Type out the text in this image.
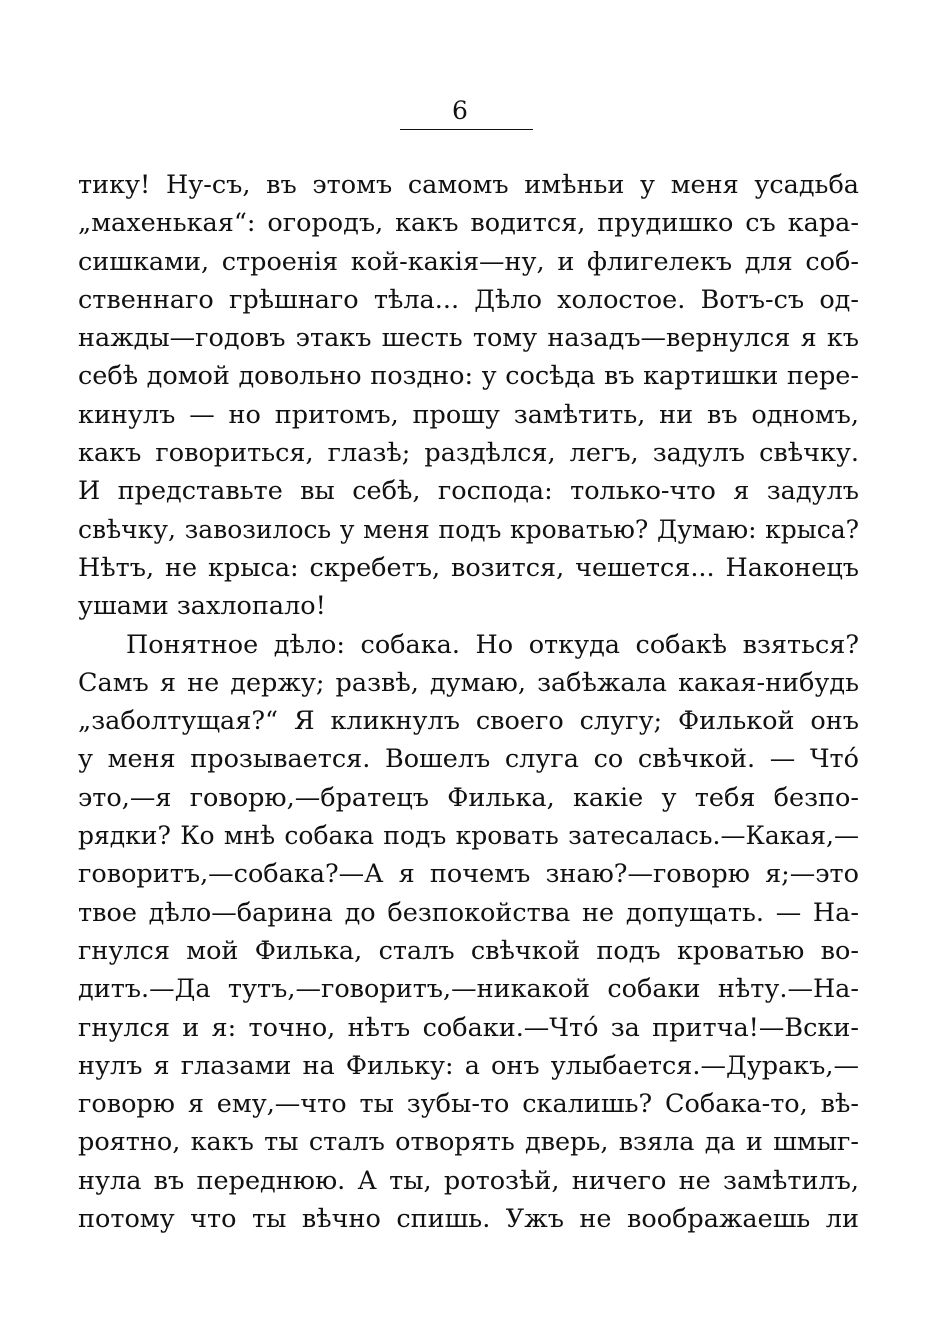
6
тику! Ну-съ, въ этомъ самомъ имѣньи у меня усадьба
„махенькая“: огородъ, какъ водится, прудишко съ кара-
сишками, строенія кой-какія—ну, и флигелекъ для соб-
ственнаго грѣшнаго тѣла... Дѣло холостое. Вотъ-съ од-
нажды—годовъ этакъ шесть тому назадъ—вернулся я къ
себѣ домой довольно поздно: у сосѣда въ картишки пере-
кинулъ — но притомъ, прошу замѣтить, ни въ одномъ,
какъ говориться, глазѣ; раздѣлся, легъ, задулъ свѣчку.
И представьте вы себѣ, господа: только-что я задулъ
свѣчку, завозилось у меня подъ кроватью? Думаю: крыса?
Нѣтъ, не крыса: скребетъ, возится, чешется... Наконецъ
ушами захлопало!
Понятное дѣло: собака. Но откуда собакѣ взяться?
Самъ я не держу; развѣ, думаю, забѣжала какая-нибудь
„заболтущая?“ Я кликнулъ своего слугу; Филькой онъ
у меня прозывается. Вошелъ слуга со свѣчкой. — Что́
это,—я говорю,—братецъ Филька, какіе у тебя безпо-
рядки? Ко мнѣ собака подъ кровать затесалась.—Какая,—
говоритъ,—собака?—А я почемъ знаю?—говорю я;—это
твое дѣло—барина до безпокойства не допущать. — На-
гнулся мой Филька, сталъ свѣчкой подъ кроватью во-
дитъ.—Да тутъ,—говоритъ,—никакой собаки нѣту.—На-
гнулся и я: точно, нѣтъ собаки.—Что́ за притча!—Вски-
нулъ я глазами на Фильку: а онъ улыбается.—Дуракъ,—
говорю я ему,—что ты зубы-то скалишь? Собака-то, вѣ-
роятно, какъ ты сталъ отворять дверь, взяла да и шмыг-
нула въ переднюю. А ты, ротозѣй, ничего не замѣтилъ,
потому что ты вѣчно спишь. Ужъ не воображаешь ли
